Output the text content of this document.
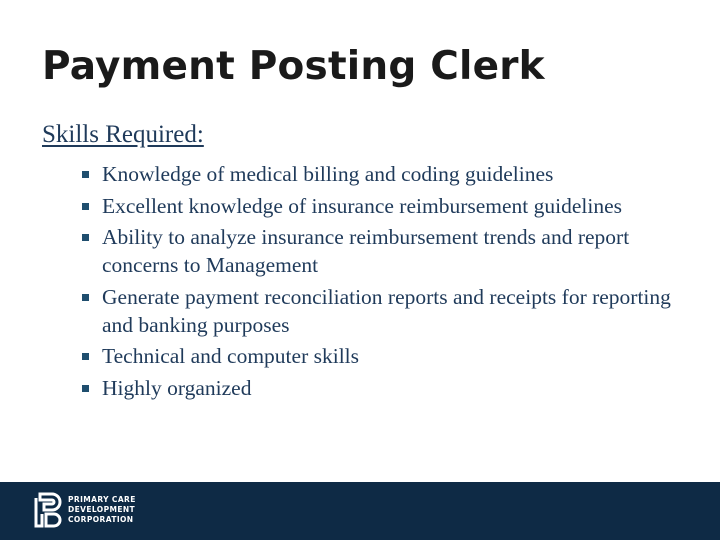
Payment Posting Clerk
Skills Required:
Knowledge of medical billing and coding guidelines
Excellent knowledge of insurance reimbursement guidelines
Ability to analyze insurance reimbursement trends and report concerns to Management
Generate payment reconciliation reports and receipts for reporting and banking purposes
Technical and computer skills
Highly organized
PRIMARY CARE
DEVELOPMENT
CORPORATION
